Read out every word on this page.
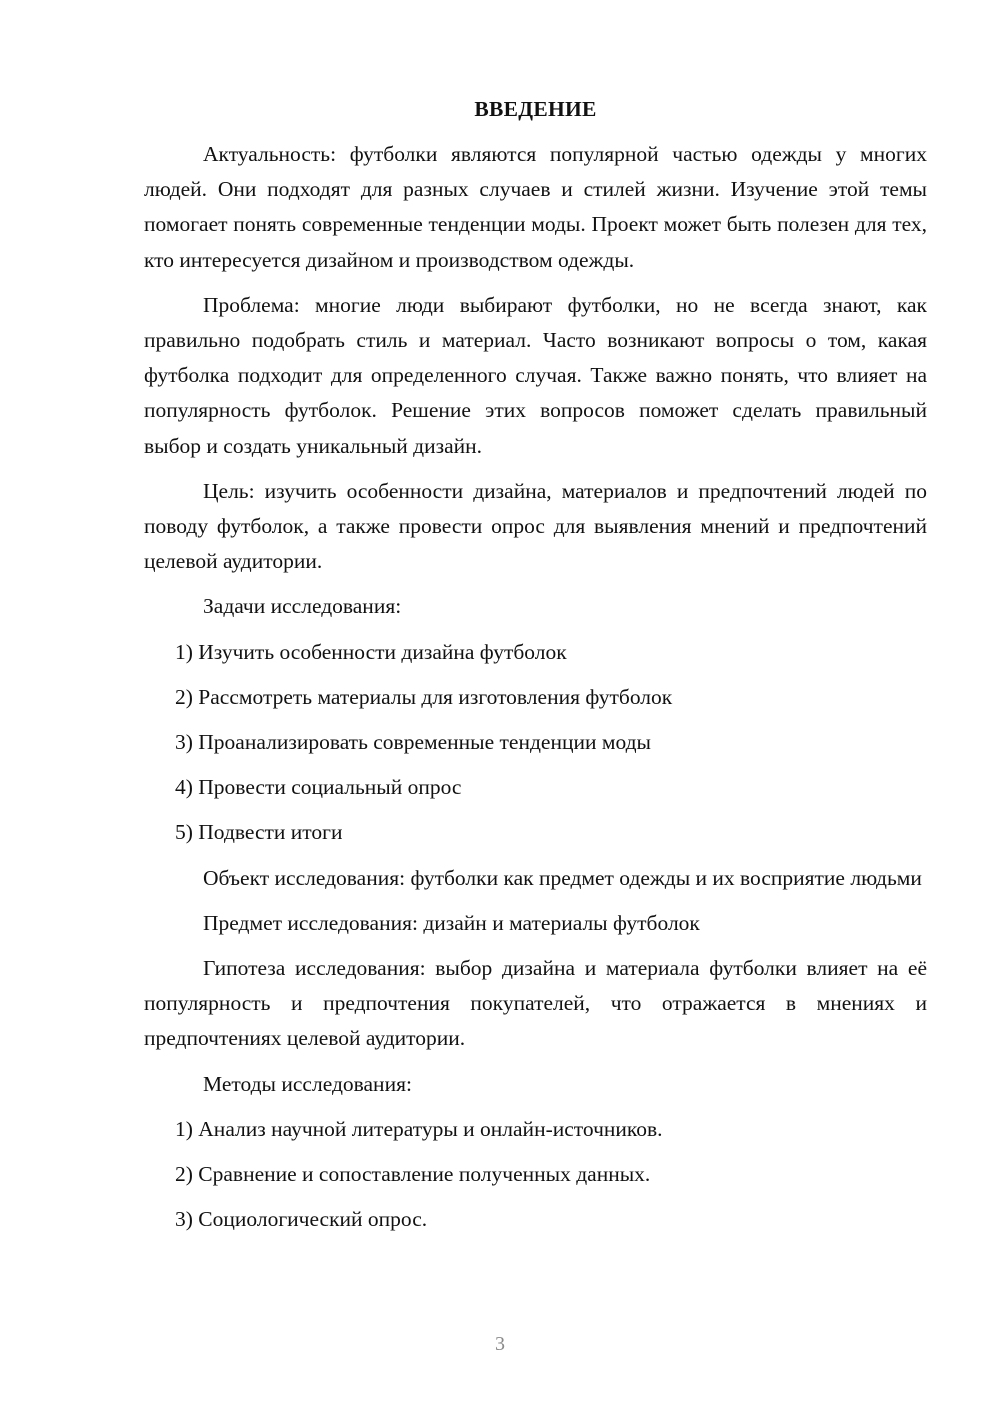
ВВЕДЕНИЕ

Актуальность: футболки являются популярной частью одежды у многих людей. Они подходят для разных случаев и стилей жизни. Изучение этой темы помогает понять современные тенденции моды. Проект может быть полезен для тех, кто интересуется дизайном и производством одежды.

Проблема: многие люди выбирают футболки, но не всегда знают, как правильно подобрать стиль и материал. Часто возникают вопросы о том, какая футболка подходит для определенного случая. Также важно понять, что влияет на популярность футболок. Решение этих вопросов поможет сделать правильный выбор и создать уникальный дизайн.

Цель: изучить особенности дизайна, материалов и предпочтений людей по поводу футболок, а также провести опрос для выявления мнений и предпочтений целевой аудитории.

Задачи исследования:

1) Изучить особенности дизайна футболок
2) Рассмотреть материалы для изготовления футболок
3) Проанализировать современные тенденции моды
4) Провести социальный опрос
5) Подвести итоги

Объект исследования: футболки как предмет одежды и их восприятие людьми

Предмет исследования: дизайн и материалы футболок

Гипотеза исследования: выбор дизайна и материала футболки влияет на её популярность и предпочтения покупателей, что отражается в мнениях и предпочтениях целевой аудитории.

Методы исследования:

1) Анализ научной литературы и онлайн-источников.
2) Сравнение и сопоставление полученных данных.
3) Социологический опрос.
3
